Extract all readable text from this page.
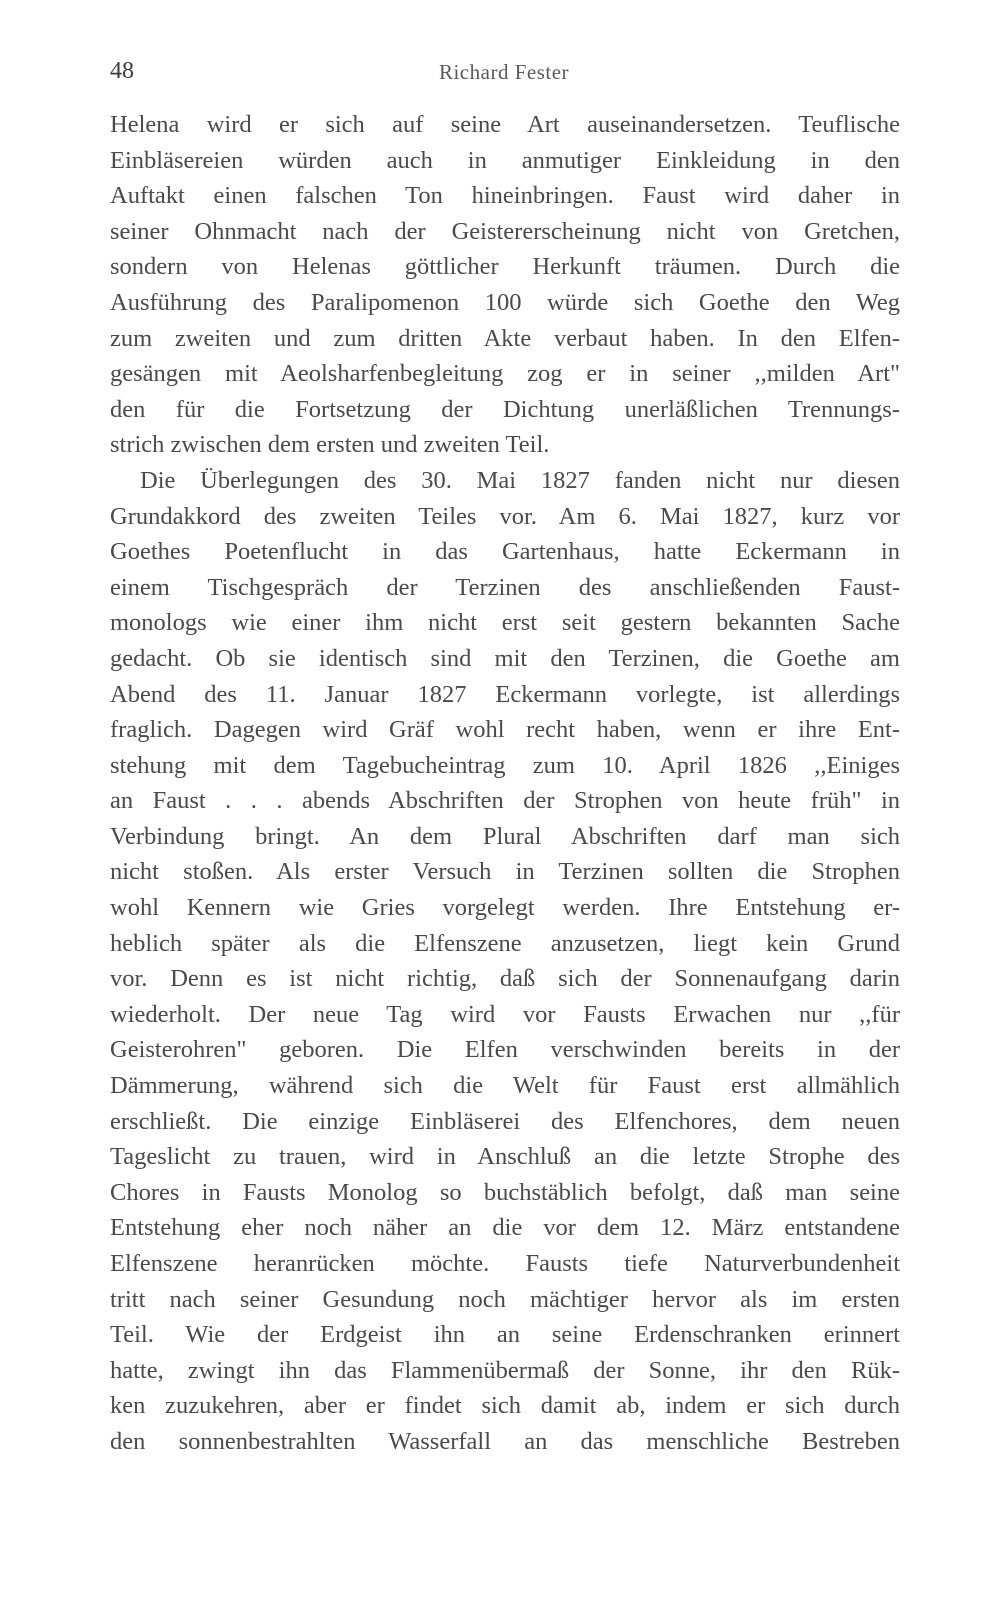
48	Richard Fester
Helena wird er sich auf seine Art auseinandersetzen. Teuflische
Einbläsereien würden auch in anmutiger Einkleidung in den
Auftakt einen falschen Ton hineinbringen. Faust wird daher in
seiner Ohnmacht nach der Geistererscheinung nicht von Gretchen,
sondern von Helenas göttlicher Herkunft träumen. Durch die
Ausführung des Paralipomenon 100 würde sich Goethe den Weg
zum zweiten und zum dritten Akte verbaut haben. In den Elfen-
gesängen mit Aeolsharfenbegleitung zog er in seiner ,,milden Art"
den für die Fortsetzung der Dichtung unerläßlichen Trennungs-
strich zwischen dem ersten und zweiten Teil.
Die Überlegungen des 30. Mai 1827 fanden nicht nur diesen
Grundakkord des zweiten Teiles vor. Am 6. Mai 1827, kurz vor
Goethes Poetenflucht in das Gartenhaus, hatte Eckermann in
einem Tischgespräch der Terzinen des anschließenden Faust-
monologs wie einer ihm nicht erst seit gestern bekannten Sache
gedacht. Ob sie identisch sind mit den Terzinen, die Goethe am
Abend des 11. Januar 1827 Eckermann vorlegte, ist allerdings
fraglich. Dagegen wird Gräf wohl recht haben, wenn er ihre Ent-
stehung mit dem Tagebucheintrag zum 10. April 1826 ,,Einiges
an Faust . . . abends Abschriften der Strophen von heute früh" in
Verbindung bringt. An dem Plural Abschriften darf man sich
nicht stoßen. Als erster Versuch in Terzinen sollten die Strophen
wohl Kennern wie Gries vorgelegt werden. Ihre Entstehung er-
heblich später als die Elfenszene anzusetzen, liegt kein Grund
vor. Denn es ist nicht richtig, daß sich der Sonnenaufgang darin
wiederholt. Der neue Tag wird vor Fausts Erwachen nur ,,für
Geisterohren" geboren. Die Elfen verschwinden bereits in der
Dämmerung, während sich die Welt für Faust erst allmählich
erschließt. Die einzige Einbläserei des Elfenchores, dem neuen
Tageslicht zu trauen, wird in Anschluß an die letzte Strophe des
Chores in Fausts Monolog so buchstäblich befolgt, daß man seine
Entstehung eher noch näher an die vor dem 12. März entstandene
Elfenszene heranrücken möchte. Fausts tiefe Naturverbundenheit
tritt nach seiner Gesundung noch mächtiger hervor als im ersten
Teil. Wie der Erdgeist ihn an seine Erdenschranken erinnert
hatte, zwingt ihn das Flammenübermaß der Sonne, ihr den Rük-
ken zuzukehren, aber er findet sich damit ab, indem er sich durch
den sonnenbestrahlten Wasserfall an das menschliche Bestreben
